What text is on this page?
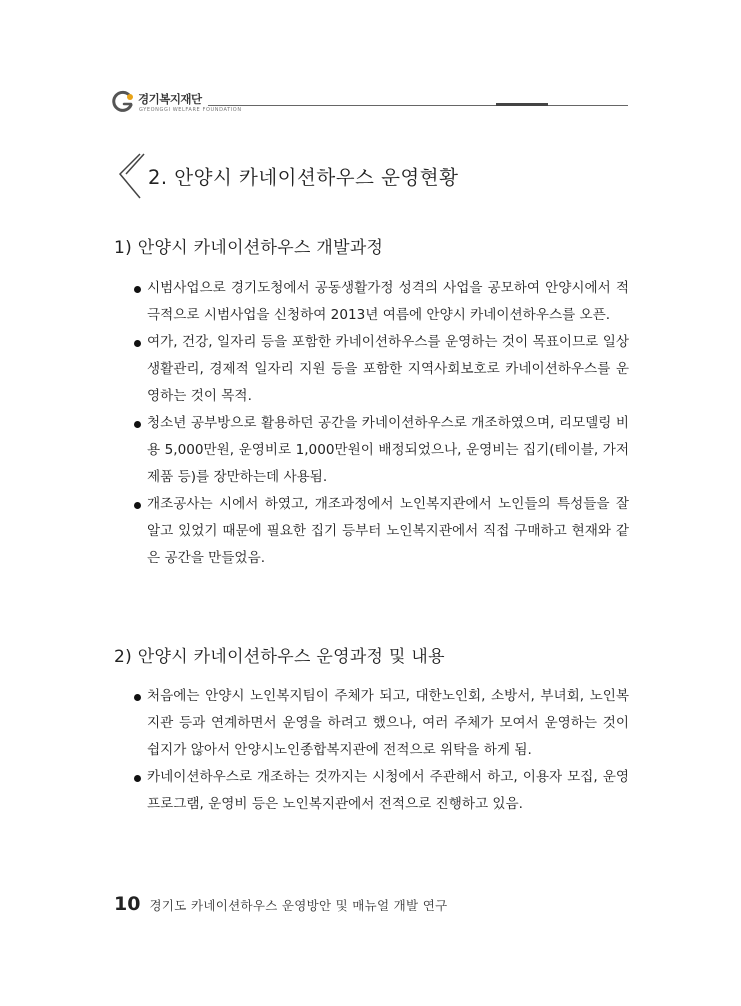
경기복지재단
GYEONGGI WELFARE FOUNDATION
2. 안양시 카네이션하우스 운영현황
1) 안양시 카네이션하우스 개발과정
시범사업으로 경기도청에서 공동생활가정 성격의 사업을 공모하여 안양시에서 적극적으로 시범사업을 신청하여 2013년 여름에 안양시 카네이션하우스를 오픈.
여가, 건강, 일자리 등을 포함한 카네이션하우스를 운영하는 것이 목표이므로 일상생활관리, 경제적 일자리 지원 등을 포함한 지역사회보호로 카네이션하우스를 운영하는 것이 목적.
청소년 공부방으로 활용하던 공간을 카네이션하우스로 개조하였으며, 리모델링 비용 5,000만원, 운영비로 1,000만원이 배정되었으나, 운영비는 집기(테이블, 가저제품 등)를 장만하는데 사용됨.
개조공사는 시에서 하였고, 개조과정에서 노인복지관에서 노인들의 특성들을 잘 알고 있었기 때문에 필요한 집기 등부터 노인복지관에서 직접 구매하고 현재와 같은 공간을 만들었음.
2) 안양시 카네이션하우스 운영과정 및 내용
처음에는 안양시 노인복지팀이 주체가 되고, 대한노인회, 소방서, 부녀회, 노인복지관 등과 연계하면서 운영을 하려고 했으나, 여러 주체가 모여서 운영하는 것이 쉽지가 않아서 안양시노인종합복지관에 전적으로 위탁을 하게 됨.
카네이션하우스로 개조하는 것까지는 시청에서 주관해서 하고, 이용자 모집, 운영프로그램, 운영비 등은 노인복지관에서 전적으로 진행하고 있음.
10 경기도 카네이션하우스 운영방안 및 매뉴얼 개발 연구
